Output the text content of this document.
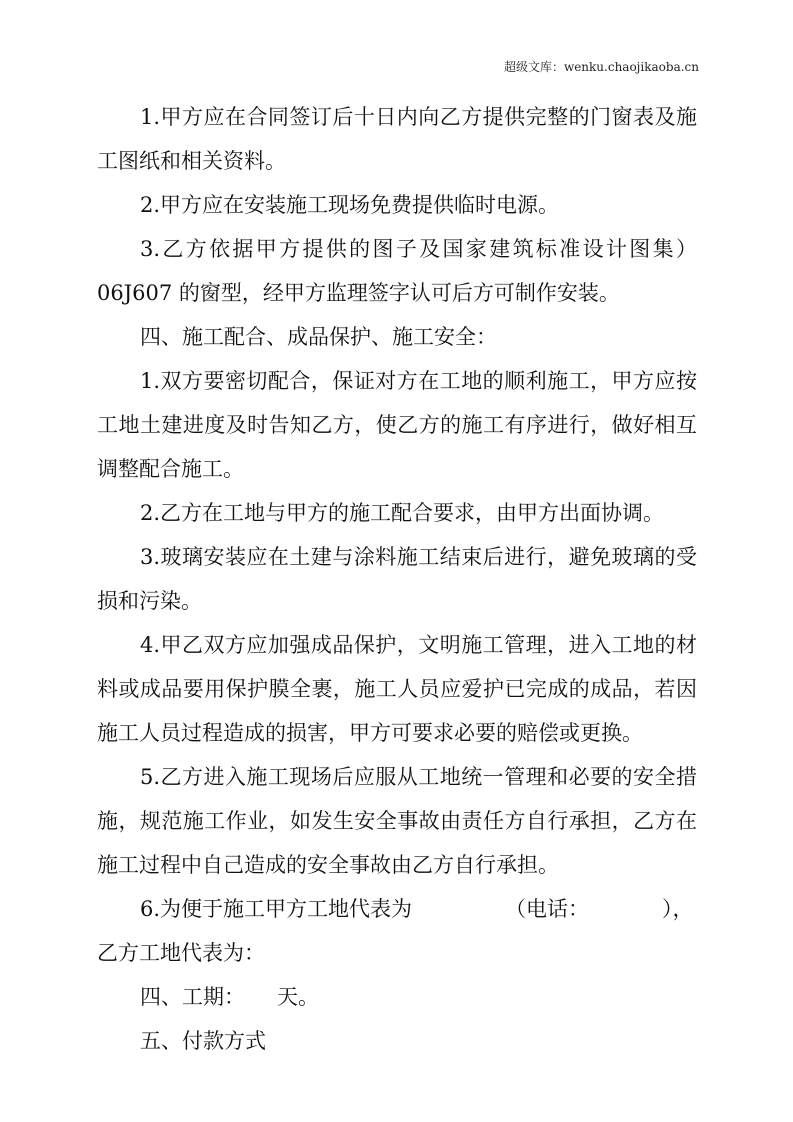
超级文库：wenku.chaojikaoba.cn
1.甲方应在合同签订后十日内向乙方提供完整的门窗表及施
工图纸和相关资料。
2.甲方应在安装施工现场免费提供临时电源。
3.乙方依据甲方提供的图子及国家建筑标准设计图集）
06J607 的窗型，经甲方监理签字认可后方可制作安装。
四、施工配合、成品保护、施工安全：
1.双方要密切配合，保证对方在工地的顺利施工，甲方应按
工地土建进度及时告知乙方，使乙方的施工有序进行，做好相互
调整配合施工。
2.乙方在工地与甲方的施工配合要求，由甲方出面协调。
3.玻璃安装应在土建与涂料施工结束后进行，避免玻璃的受
损和污染。
4.甲乙双方应加强成品保护，文明施工管理，进入工地的材
料或成品要用保护膜全裹，施工人员应爱护已完成的成品，若因
施工人员过程造成的损害，甲方可要求必要的赔偿或更换。
5.乙方进入施工现场后应服从工地统一管理和必要的安全措
施，规范施工作业，如发生安全事故由责任方自行承担，乙方在
施工过程中自己造成的安全事故由乙方自行承担。
6.为便于施工甲方工地代表为	（电话：	），
乙方工地代表为：
四、工期： 天。
五、付款方式
